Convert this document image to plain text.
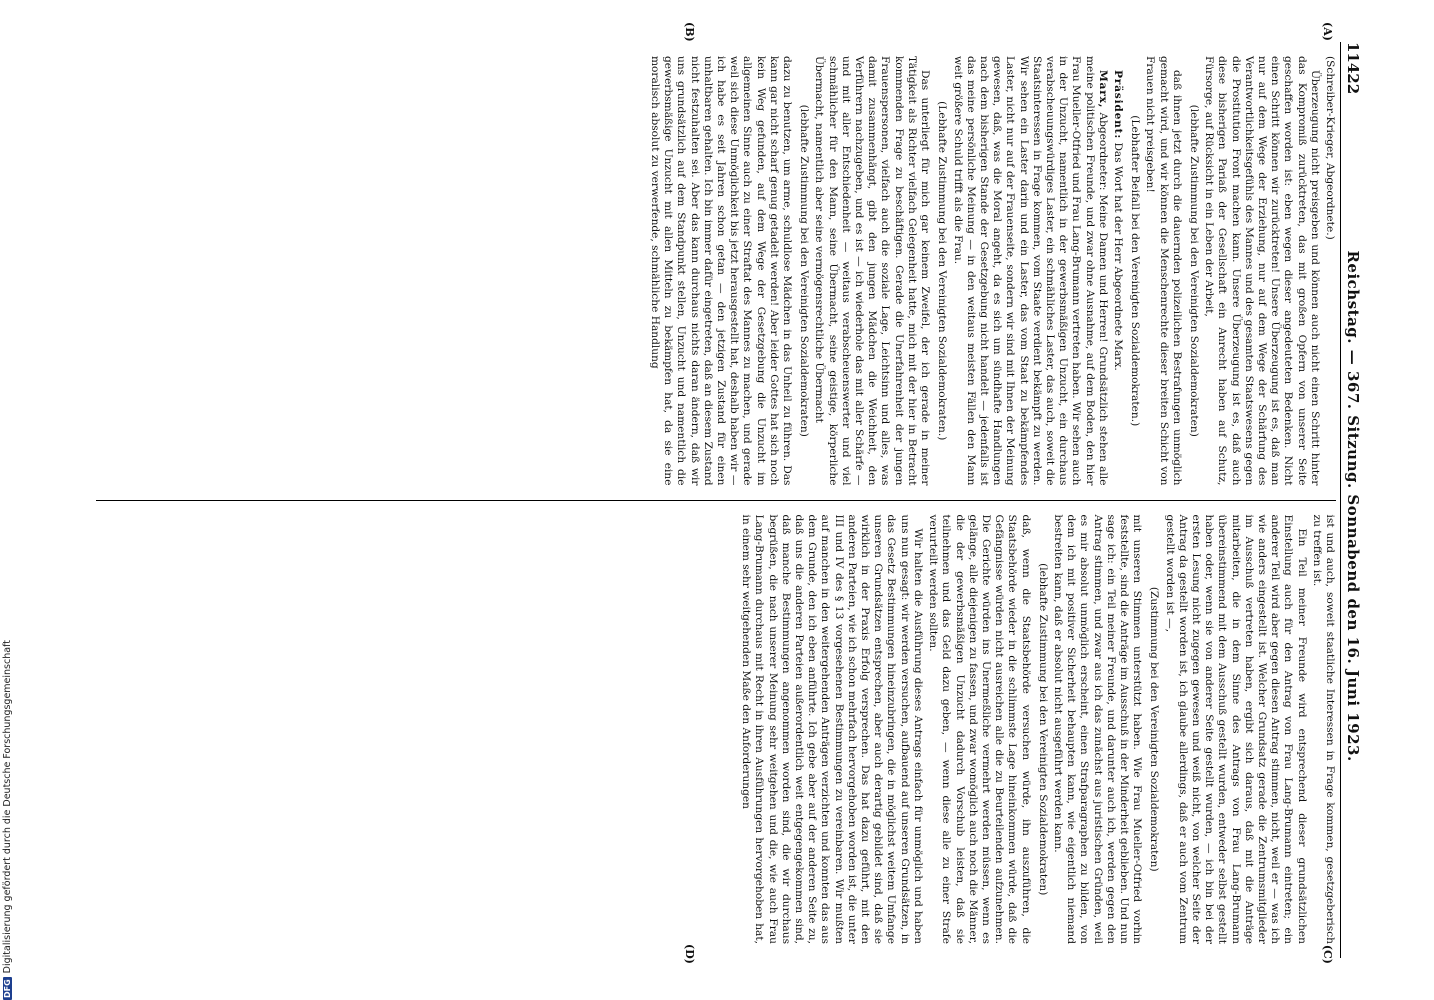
DFGDigitalisierung gefördert durch die Deutsche Forschungsgemeinschaft
11422
Reichstag. — 367. Sitzung. Sonnabend den 16. Juni 1923.
(A)
(B)

(Schreiber-Krieger, Abgeordnete.)

Überzeugung nicht preisgeben und können auch nicht einen Schritt hinter das Kompromiß zurücktreten, das mit großen Opfern von unserer Seite geschaffen worden ist: eben wegen dieser angedeuteten Bedenken. Nicht einen Schritt können wir zurücktreten! Unsere Überzeugung ist es, daß man nur auf dem Wege der Erziehung, nur auf dem Wege der Schärfung des Verantwortlichkeitsgefühls des Mannes und des gesamten Staatswesens gegen die Prostitution Front machen kann. Unsere Überzeugung ist es, daß auch diese bisherigen Pariaß der Gesellschaft ein Anrecht haben auf Schutz, Fürsorge, auf Rücksicht in ein Leben der Arbeit,

(lebhafte Zustimmung bei den Vereinigten Sozialdemokraten)

daß ihnen jetzt durch die dauernden polizeilichen Bestrafungen unmöglich gemacht wird, und wir können die Menschenrechte dieser breiten Schicht von Frauen nicht preisgeben!

(Lebhafter Beifall bei den Vereinigten Sozialdemokraten.)

Präsident: Das Wort hat der Herr Abgeordnete Marx.

Marx, Abgeordneter: Meine Damen und Herren! Grundsätzlich stehen alle meine politischen Freunde, und zwar ohne Ausnahme, auf dem Boden, den hier Frau Mueller-Otfried und Frau Lang-Brumann vertreten haben. Wir sehen auch in der Unzucht, namentlich in der gewerbsmäßigen Unzucht, ein durchaus verabscheuungswürdiges Laster, ein schmähliches Laster, das auch, soweit die Staatsinteressen in Frage kommen, vom Staate verdient bekämpft zu werden. Wir sehen ein Laster darin und ein Laster, das vom Staat zu bekämpfendes Laster, nicht nur auf der Frauenseite, sondern wir sind mit Ihnen der Meinung gewesen, daß, was die Moral angeht, da es sich um sündhafte Handlungen nach dem bisherigen Stande der Gesetzgebung nicht handelt — jedenfalls ist das meine persönliche Meinung — in den weitaus meisten Fällen den Mann weit größere Schuld trifft als die Frau.

(Lebhafte Zustimmung bei den Vereinigten Sozialdemokraten.)

Das unterliegt für mich gar keinem Zweifel, der ich gerade in meiner Tätigkeit als Richter vielfach Gelegenheit hatte, mich mit der hier in Betracht kommenden Frage zu beschäftigen. Gerade die Unerfahrenheit der jungen Frauenspersonen, vielfach auch die soziale Lage, Leichtsinn und alles, was damit zusammenhängt, gibt den jungen Mädchen die Weichheit, den Verführern nachzugeben, und es ist — ich wiederhole das mit aller Schärfe — und mit aller Entschiedenheit — weitaus verabscheuenswerter und viel schmählicher für den Mann, seine Übermacht, seine geistige, körperliche Übermacht, namentlich aber seine vermögensrechtliche Übermacht

(lebhafte Zustimmung bei den Vereinigten Sozialdemokraten)

dazu zu benutzen, um arme, schuldlose Mädchen in das Unheil zu führen. Das kann gar nicht scharf genug getadelt werden! Aber leider Gottes hat sich noch kein Weg gefunden, auf dem Wege der Gesetzgebung die Unzucht im allgemeinen Sinne auch zu einer Straftat des Mannes zu machen, und gerade weil sich diese Unmöglichkeit bis jetzt herausgestellt hat, deshalb haben wir — ich habe es seit Jahren schon getan — den jetzigen Zustand für einen unhaltbaren gehalten. Ich bin immer dafür eingetreten, daß an diesem Zustand nicht festzuhalten sei. Aber das kann durchaus nichts daran ändern, daß wir uns grundsätzlich auf dem Standpunkt stellen, Unzucht und namentlich die gewerbsmäßige Unzucht mit allen Mitteln zu bekämpfen hat, da sie eine moralisch absolut zu verwerfende, schmähliche Handlung

(C)
(D)

ist und auch, soweit staatliche Interessen in Frage kommen, gesetzgeberisch zu treffen ist.

Ein Teil meiner Freunde wird entsprechend dieser grundsätzlichen Einstellung auch für den Antrag von Frau Lang-Brumann eintreten; ein anderer Teil wird aber gegen diesen Antrag stimmen, nicht, weil er — was ich wie anders eingestellt ist. Welcher Grundsatz gerade die Zentrumsmitglieder im Ausschuß vertreten haben, ergibt sich daraus, daß mit die Anträge mitarbeiten, die in dem Sinne des Antrags von Frau Lang-Brumann übereinstimmend mit dem Ausschuß gestellt wurden, entweder selbst gestellt haben oder, wenn sie von anderer Seite gestellt wurden, — ich bin bei der ersten Lesung nicht zugegen gewesen und weiß nicht, von welcher Seite der Antrag da gestellt worden ist, ich glaube allerdings, daß er auch vom Zentrum gestellt worden ist —,

(Zustimmung bei den Vereinigten Sozialdemokraten)

mit unseren Stimmen unterstützt haben. Wie Frau Mueller-Otfried vorhin feststellte, sind die Anträge im Ausschuß in der Minderheit geblieben. Und nun sage ich: ein Teil meiner Freunde, und darunter auch ich, werden gegen den Antrag stimmen, und zwar aus ich das zunächst aus juristischen Gründen, weil es mir absolut unmöglich erscheint, einen Strafparagraphen zu bilden, von dem ich mit positiver Sicherheit behaupten kann, wie eigentlich niemand bestreiten kann, daß er absolut nicht ausgeführt werden kann.

(lebhafte Zustimmung bei den Vereinigten Sozialdemokraten)

daß, wenn die Staatsbehörde versuchen würde, ihn auszuführen, die Staatsbehörde wieder in die schlimmste Lage hineinkommen würde, daß die Gefängnisse würden nicht ausreichen alle die zu Beurteilenden aufzunehmen. Die Gerichte würden ins Unermeßliche vermehrt werden müssen, wenn es gelänge, alle diejenigen zu fassen, und zwar womöglich auch noch die Männer, die der gewerbsmäßigen Unzucht dadurch Vorschub leisten, daß sie teilnehmen und das Geld dazu geben, — wenn diese alle zu einer Strafe verurteilt werden sollten.

Wir halten die Ausführung dieses Antrags einfach für unmöglich und haben uns nun gesagt: wir werden versuchen, aufbauend auf unseren Grundsätzen, in das Gesetz Bestimmungen hineinzubringen, die in möglichst weitem Umfange unseren Grundsätzen entsprechen, aber auch derartig gebildet sind, daß sie wirklich in der Praxis Erfolg versprechen. Das hat dazu geführt, mit den anderen Parteien, wie ich schon mehrfach hervorgehoben worden ist, die unter III und IV des § 13 vorgesehenen Bestimmungen zu vereinbaren. Wir mußten auf manchen in den weitergehenden Anträgen verzichten und konnten das aus dem Grunde, den ich eben anführte. Ich gebe aber auf der anderen Seite zu, daß uns die anderen Parteien außerordentlich weit entgegengekommen sind, daß manche Bestimmungen angenommen worden sind, die wir durchaus begrüßen, die nach unserer Meinung sehr weitgehen und die, wie auch Frau Lang-Brumann durchaus mit Recht in ihren Ausführungen hervorgehoben hat, in einem sehr weitgehenden Maße den Anforderungen
